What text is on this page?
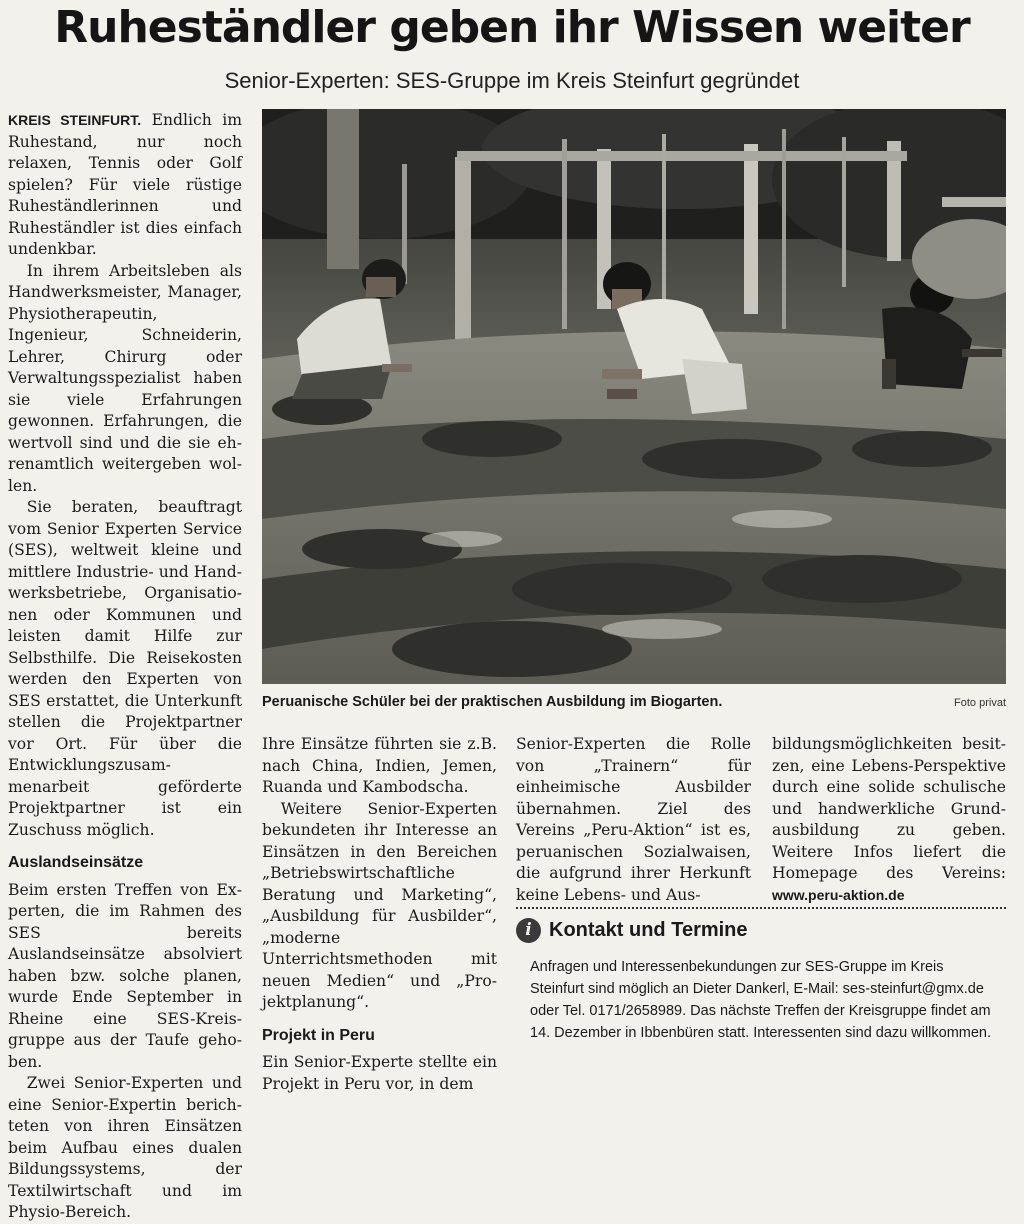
Ruheständler geben ihr Wissen weiter
Senior-Experten: SES-Gruppe im Kreis Steinfurt gegründet

KREIS STEINFURT. Endlich im Ruhestand, nur noch relaxen, Tennis oder Golf spielen? Für viele rüstige Ruheständlerinnen und Ruheständler ist dies einfach undenkbar.

In ihrem Arbeitsleben als Handwerksmeister, Manager, Physiotherapeutin, Ingenieur, Schneiderin, Lehrer, Chirurg oder Verwaltungsspezialist haben sie viele Erfahrungen gewonnen. Erfahrungen, die wertvoll sind und die sie ehrenamtlich weitergeben wollen.

Sie beraten, beauftragt vom Senior Experten Service (SES), weltweit kleine und mittlere Industrie- und Handwerksbetriebe, Organisationen oder Kommunen und leisten damit Hilfe zur Selbsthilfe. Die Reisekosten werden den Experten von SES erstattet, die Unterkunft stellen die Projektpartner vor Ort. Für über die Entwicklungszusammenarbeit geförderte Projektpartner ist ein Zuschuss möglich.

Auslandseinsätze

Beim ersten Treffen von Experten, die im Rahmen des SES bereits Auslandseinsätze absolviert haben bzw. solche planen, wurde Ende September in Rheine eine SES-Kreisgruppe aus der Taufe gehoben.

Zwei Senior-Experten und eine Senior-Expertin berichteten von ihren Einsätzen beim Aufbau eines dualen Bildungssystems, der Textilwirtschaft und im Physio-Bereich.

Peruanische Schüler bei der praktischen Ausbildung im Biogarten.	Foto privat

Ihre Einsätze führten sie z.B. nach China, Indien, Jemen, Ruanda und Kambodscha.

Weitere Senior-Experten bekundeten ihr Interesse an Einsätzen in den Bereichen „Betriebswirtschaftliche Beratung und Marketing“, „Ausbildung für Ausbilder“, „moderne Unterrichtsmethoden mit neuen Medien“ und „Projektplanung“.

Projekt in Peru

Ein Senior-Experte stellte ein Projekt in Peru vor, in dem

Senior-Experten die Rolle von „Trainern“ für einheimische Ausbilder übernahmen. Ziel des Vereins „Peru-Aktion“ ist es, peruanischen Sozialwaisen, die aufgrund ihrer Herkunft keine Lebens- und Aus-

bildungsmöglichkeiten besitzen, eine Lebens-Perspektive durch eine solide schulische und handwerkliche Grundausbildung zu geben. Weitere Infos liefert die Homepage des Vereins: www.peru-aktion.de

i Kontakt und Termine
Anfragen und Interessenbekundungen zur SES-Gruppe im Kreis Steinfurt sind möglich an Dieter Dankerl, E-Mail: ses-steinfurt@gmx.de oder Tel. 0171/2658989. Das nächste Treffen der Kreisgruppe findet am 14. Dezember in Ibbenbüren statt. Interessenten sind dazu willkommen.
